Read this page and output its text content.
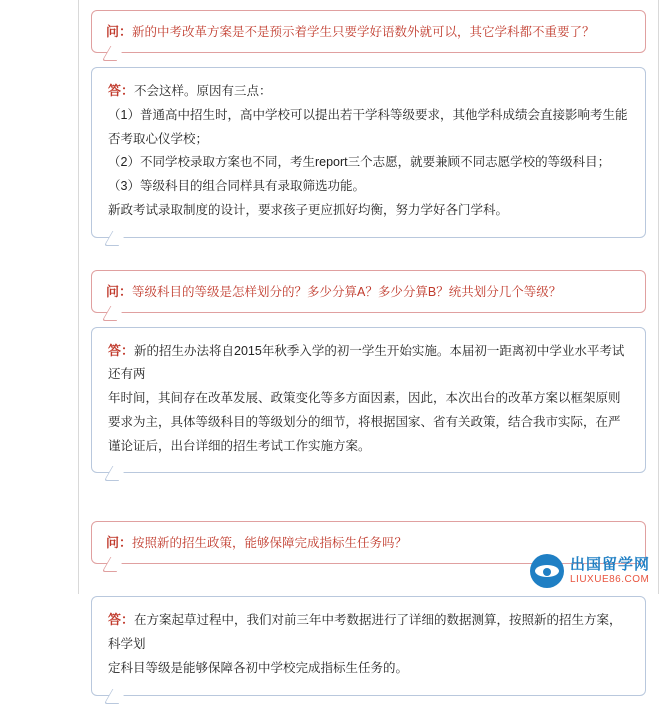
问：新的中考改革方案是不是预示着学生只要学好语数外就可以，其它学科都不重要了？
答：不会这样。原因有三点：

（1）普通高中招生时，高中学校可以提出若干学科等级要求，其他学科成绩会直接影响考生能否考取心仪学校；

（2）不同学校录取方案也不同，考生report三个志愿，就要兼顾不同志愿学校的等级科目；

（3）等级科目的组合同样具有录取筛选功能。

新政考试录取制度的设计，要求孩子更应抓好均衡，努力学好各门学科。

问：等级科目的等级是怎样划分的？多少分算A？多少分算B？统共划分几个等级？
答：新的招生办法将自2015年秋季入学的初一学生开始实施。本届初一距离初中学业水平考试还有两

年时间，其间存在改革发展、政策变化等多方面因素，因此，本次出台的改革方案以框架原则要求为主，具体等级科目的等级划分的细节，将根据国家、省有关政策，结合我市实际，在严谨论证后，出台详细的招生考试工作实施方案。

问：按照新的招生政策，能够保障完成指标生任务吗？
答：在方案起草过程中，我们对前三年中考数据进行了详细的数据测算，按照新的招生方案，科学划

定科目等级是能够保障各初中学校完成指标生任务的。

出国留学网
LIUXUE86.COM
